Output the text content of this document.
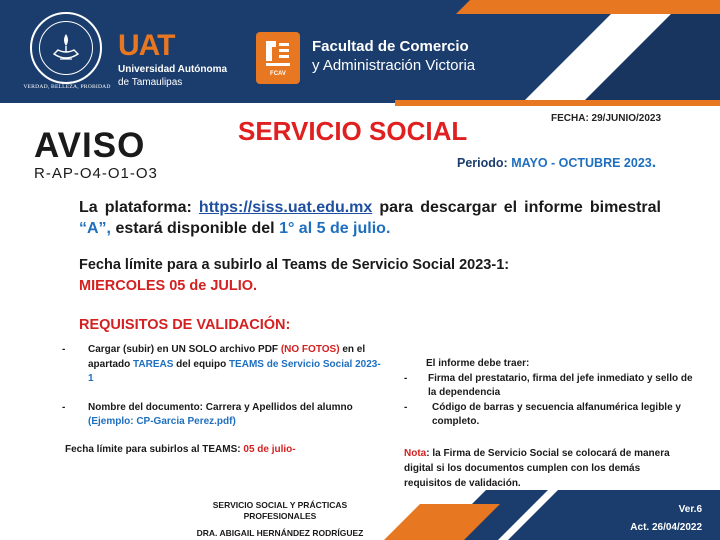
VERDAD, BELLEZA, PROBIDAD
UAT
Universidad Autónoma
de Tamaulipas
FCAV
Facultad de Comercio
y Administración Victoria
AVISO
R-AP-O4-O1-O3
SERVICIO SOCIAL	FECHA: 29/JUNIO/2023
Periodo: MAYO - OCTUBRE 2023.
La plataforma: https://siss.uat.edu.mx para descargar el informe bimestral “A”, estará disponible del 1° al 5 de julio.
Fecha límite para a subirlo al Teams de Servicio Social 2023-1:
MIERCOLES 05 de JULIO.
REQUISITOS DE VALIDACIÓN:
- Cargar (subir) en UN SOLO archivo PDF (NO FOTOS) en el apartado TAREAS del equipo TEAMS de Servicio Social 2023-1
- Nombre del documento: Carrera y Apellidos del alumno (Ejemplo: CP-Garcia Perez.pdf)
Fecha límite para subirlos al TEAMS: 05 de julio-
El informe debe traer:
- Firma del prestatario, firma del jefe inmediato y sello de la dependencia
- Código de barras y secuencia alfanumérica legible y completo.
Nota: la Firma de Servicio Social se colocará de manera digital si los documentos cumplen con los demás requisitos de validación.
SERVICIO SOCIAL Y PRÁCTICAS PROFESIONALES
DRA. ABIGAIL HERNÁNDEZ RODRÍGUEZ
Ver.6
Act. 26/04/2022
